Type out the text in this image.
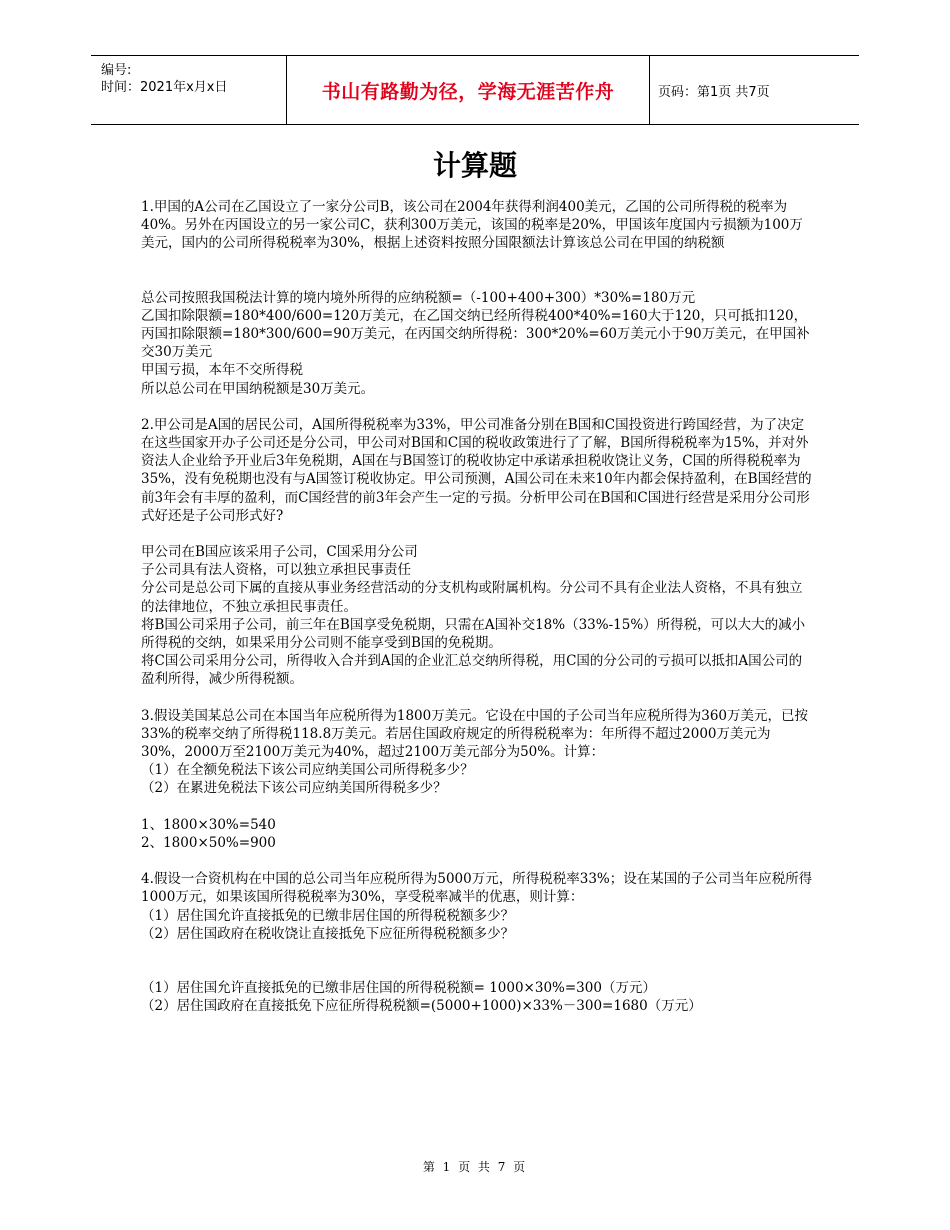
编号:
时间：2021年x月x日	书山有路勤为径，学海无涯苦作舟	页码：第1页 共7页
计算题

1.甲国的A公司在乙国设立了一家分公司B，该公司在2004年获得利润400美元，乙国的公司所得税的税率为40%。另外在丙国设立的另一家公司C，获利300万美元，该国的税率是20%，甲国该年度国内亏损额为100万美元，国内的公司所得税税率为30%，根据上述资料按照分国限额法计算该总公司在甲国的纳税额

总公司按照我国税法计算的境内境外所得的应纳税额=（-100+400+300）*30%=180万元

乙国扣除限额=180*400/600=120万美元，在乙国交纳已经所得税400*40%=160大于120，只可抵扣120，

丙国扣除限额=180*300/600=90万美元，在丙国交纳所得税：300*20%=60万美元小于90万美元，在甲国补交30万美元

甲国亏损，本年不交所得税

所以总公司在甲国纳税额是30万美元。

2.甲公司是A国的居民公司，A国所得税税率为33%，甲公司准备分别在B国和C国投资进行跨国经营，为了决定在这些国家开办子公司还是分公司，甲公司对B国和C国的税收政策进行了了解，B国所得税税率为15%，并对外资法人企业给予开业后3年免税期，A国在与B国签订的税收协定中承诺承担税收饶让义务，C国的所得税税率为35%，没有免税期也没有与A国签订税收协定。甲公司预测，A国公司在未来10年内都会保持盈利，在B国经营的前3年会有丰厚的盈利，而C国经营的前3年会产生一定的亏损。分析甲公司在B国和C国进行经营是采用分公司形式好还是子公司形式好?

甲公司在B国应该采用子公司，C国采用分公司

子公司具有法人资格，可以独立承担民事责任

分公司是总公司下属的直接从事业务经营活动的分支机构或附属机构。分公司不具有企业法人资格，不具有独立的法律地位，不独立承担民事责任。

将B国公司采用子公司，前三年在B国享受免税期，只需在A国补交18%（33%-15%）所得税，可以大大的减小所得税的交纳，如果采用分公司则不能享受到B国的免税期。

将C国公司采用分公司，所得收入合并到A国的企业汇总交纳所得税，用C国的分公司的亏损可以抵扣A国公司的盈利所得，减少所得税额。

3.假设美国某总公司在本国当年应税所得为1800万美元。它设在中国的子公司当年应税所得为360万美元，已按33%的税率交纳了所得税118.8万美元。若居住国政府规定的所得税税率为：年所得不超过2000万美元为30%，2000万至2100万美元为40%，超过2100万美元部分为50%。计算：

（1）在全额免税法下该公司应纳美国公司所得税多少？

（2）在累进免税法下该公司应纳美国所得税多少？

1、1800×30%=540

2、1800×50%=900

4.假设一合资机构在中国的总公司当年应税所得为5000万元，所得税税率33%；设在某国的子公司当年应税所得1000万元，如果该国所得税税率为30%，享受税率减半的优惠，则计算：

（1）居住国允许直接抵免的已缴非居住国的所得税税额多少？

（2）居住国政府在税收饶让直接抵免下应征所得税税额多少？

（1）居住国允许直接抵免的已缴非居住国的所得税税额= 1000×30%=300（万元）

（2）居住国政府在直接抵免下应征所得税税额=(5000+1000)×33%－300=1680（万元）

第 1 页 共 7 页
